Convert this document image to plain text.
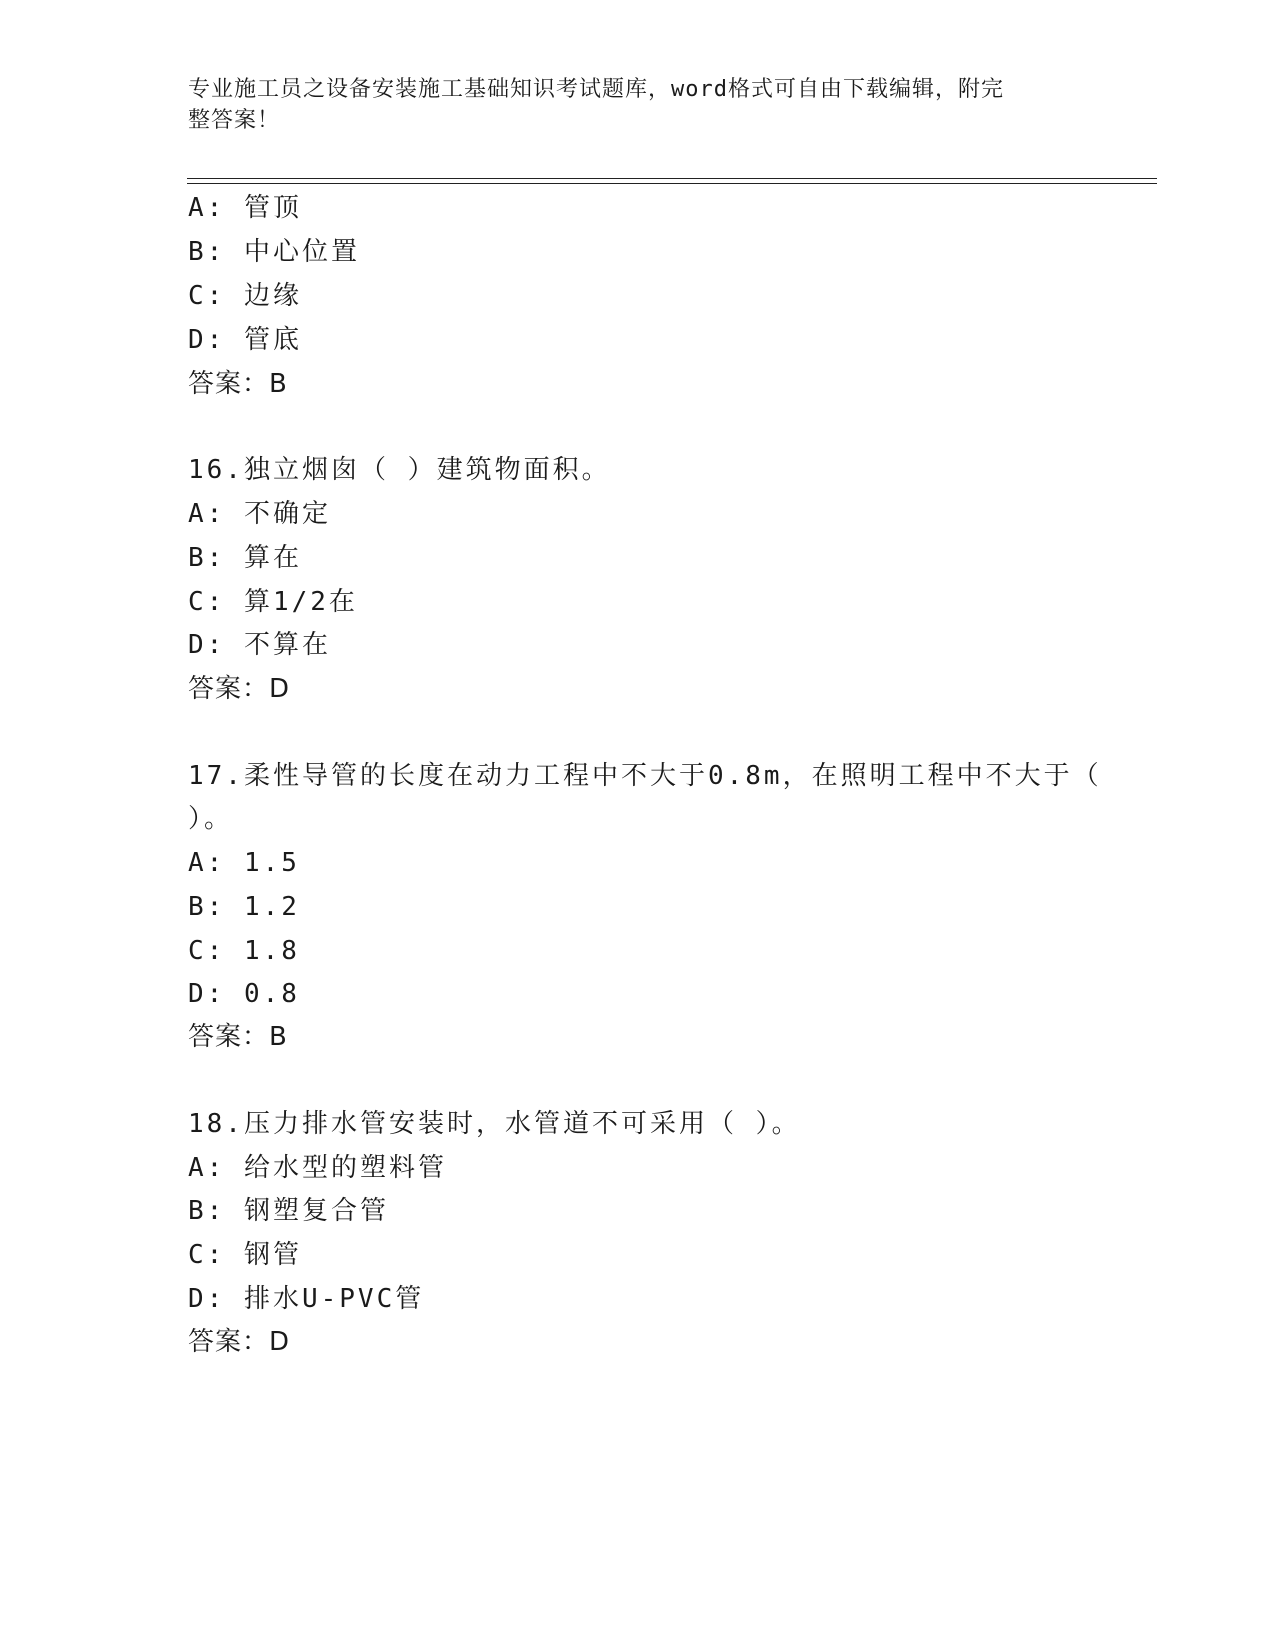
专业施工员之设备安装施工基础知识考试题库，word格式可自由下载编辑，附完
整答案！
A: 管顶
B: 中心位置
C: 边缘
D: 管底
答案：B
16.独立烟囱（ ）建筑物面积。
A: 不确定
B: 算在
C: 算1/2在
D: 不算在
答案：D
17.柔性导管的长度在动力工程中不大于0.8m，在照明工程中不大于（
）。
A: 1.5
B: 1.2
C: 1.8
D: 0.8
答案：B
18.压力排水管安装时，水管道不可采用（ ）。
A: 给水型的塑料管
B: 钢塑复合管
C: 钢管
D: 排水U-PVC管
答案：D
